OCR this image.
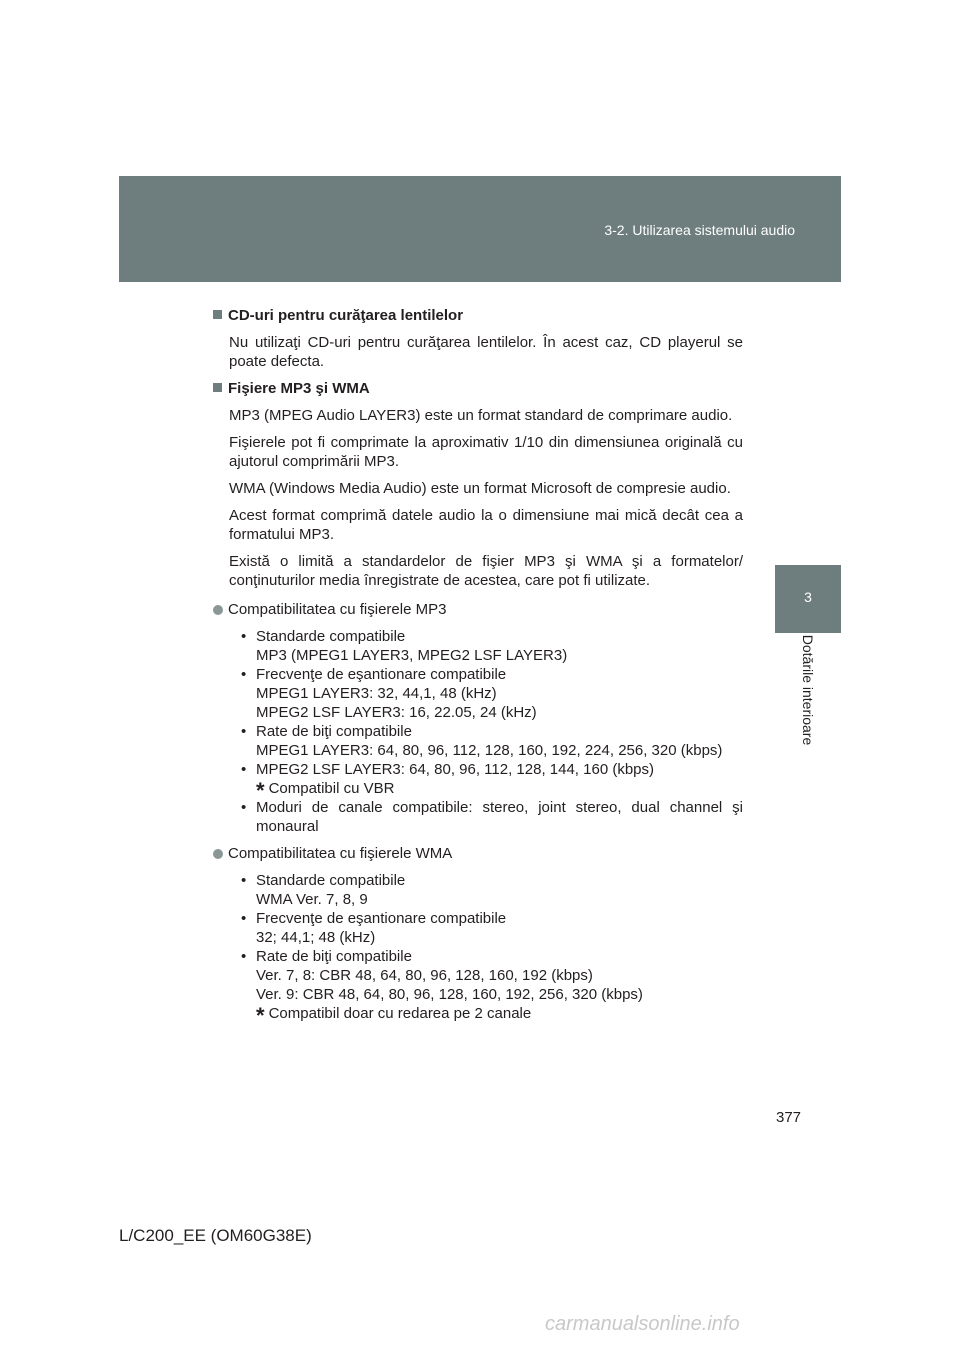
3-2. Utilizarea sistemului audio
3
Dotările interioare
CD-uri pentru curăţarea lentilelor
Nu utilizaţi CD-uri pentru curăţarea lentilelor. În acest caz, CD playerul se poate defecta.
Fişiere MP3 şi WMA
MP3 (MPEG Audio LAYER3) este un format standard de comprimare audio.
Fişierele pot fi comprimate la aproximativ 1/10 din dimensiunea originală cu ajutorul comprimării MP3.
WMA (Windows Media Audio) este un format Microsoft de compresie audio.
Acest format comprimă datele audio la o dimensiune mai mică decât cea a formatului MP3.
Există o limită a standardelor de fişier MP3 şi WMA şi a formatelor/ conţinuturilor media înregistrate de acestea, care pot fi utilizate.
Compatibilitatea cu fişierele MP3
• Standarde compatibile
MP3 (MPEG1 LAYER3, MPEG2 LSF LAYER3)
• Frecvenţe de eşantionare compatibile
MPEG1 LAYER3: 32, 44,1, 48 (kHz)
MPEG2 LSF LAYER3: 16, 22.05, 24 (kHz)
• Rate de biţi compatibile
MPEG1 LAYER3: 64, 80, 96, 112, 128, 160, 192, 224, 256, 320 (kbps)
• MPEG2 LSF LAYER3: 64, 80, 96, 112, 128, 144, 160 (kbps)
* Compatibil cu VBR
• Moduri de canale compatibile: stereo, joint stereo, dual channel şi monaural
Compatibilitatea cu fişierele WMA
• Standarde compatibile
WMA Ver. 7, 8, 9
• Frecvenţe de eşantionare compatibile
32; 44,1; 48 (kHz)
• Rate de biţi compatibile
Ver. 7, 8: CBR 48, 64, 80, 96, 128, 160, 192 (kbps)
Ver. 9: CBR 48, 64, 80, 96, 128, 160, 192, 256, 320 (kbps)
* Compatibil doar cu redarea pe 2 canale
377
L/C200_EE (OM60G38E)
carmanualsonline.info
